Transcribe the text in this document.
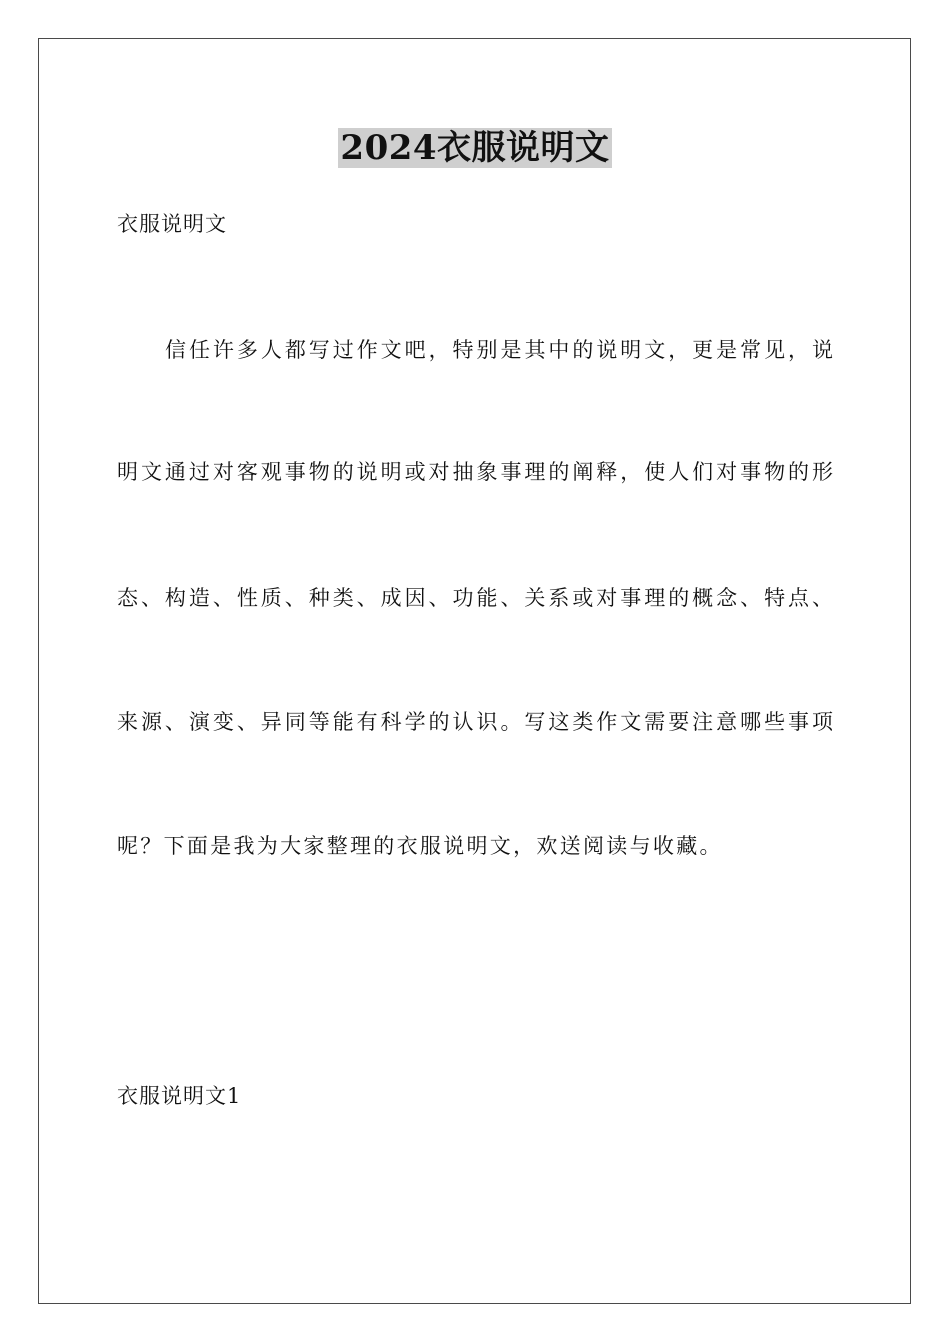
2024衣服说明文
衣服说明文
信任许多人都写过作文吧，特别是其中的说明文，更是常见，说
明文通过对客观事物的说明或对抽象事理的阐释，使人们对事物的形
态、构造、性质、种类、成因、功能、关系或对事理的概念、特点、
来源、演变、异同等能有科学的认识。写这类作文需要注意哪些事项
呢？下面是我为大家整理的衣服说明文，欢送阅读与收藏。
衣服说明文1
